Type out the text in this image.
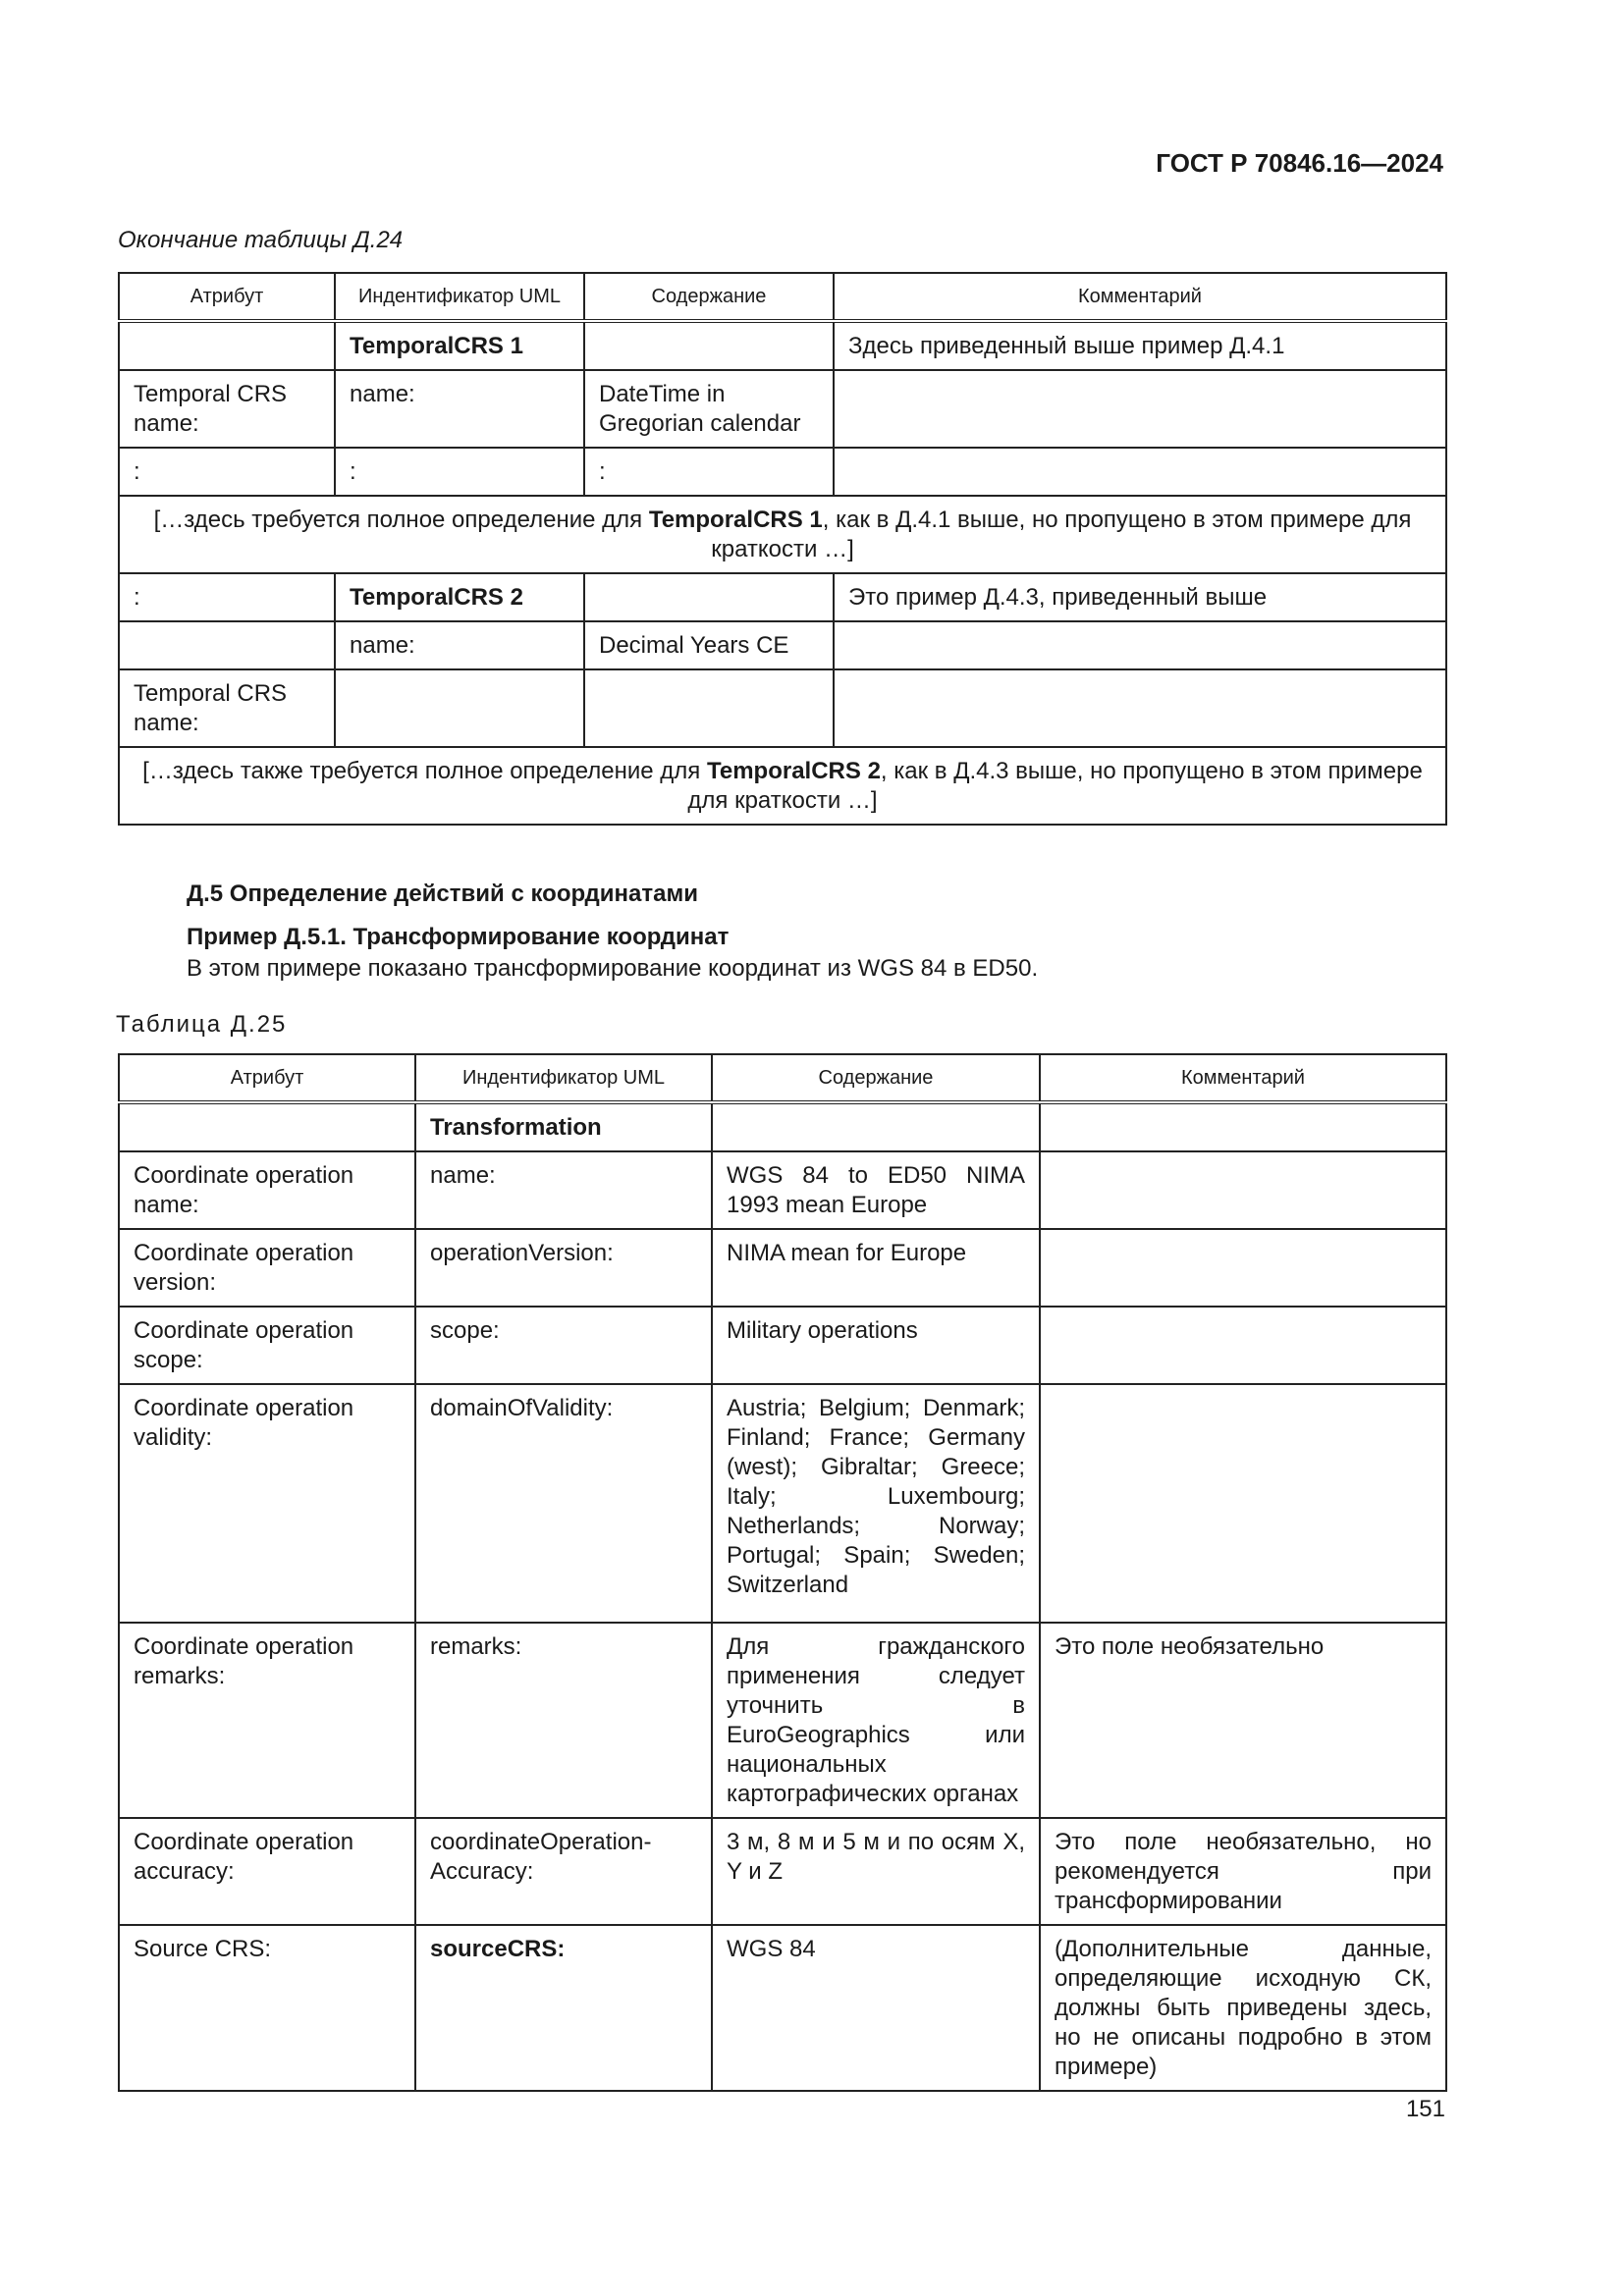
ГОСТ Р 70846.16—2024
Окончание таблицы Д.24
Атрибут	Индентификатор UML	Содержание	Комментарий
	TemporalCRS 1		Здесь приведенный выше пример Д.4.1
Temporal CRS name:	name:	DateTime in Gregorian calendar	
:	:	:	
[…здесь требуется полное определение для TemporalCRS 1, как в Д.4.1 выше, но пропущено в этом примере для краткости …]			
:	TemporalCRS 2		Это пример Д.4.3, приведенный выше
	name:	Decimal Years CE	
Temporal CRS name:			
[…здесь также требуется полное определение для TemporalCRS 2, как в Д.4.3 выше, но пропущено в этом примере для краткости …]			
Д.5 Определение действий с координатами
Пример Д.5.1. Трансформирование координат
В этом примере показано трансформирование координат из WGS 84 в ED50.
Таблица Д.25
Атрибут	Индентификатор UML	Содержание	Комментарий
	Transformation		
Coordinate operation name:	name:	WGS 84 to ED50 NIMA 1993 mean Europe	
Coordinate operation version:	operationVersion:	NIMA mean for Europe	
Coordinate operation scope:	scope:	Military operations	
Coordinate operation validity:	domainOfValidity:	Austria; Belgium; Denmark; Finland; France; Germany (west); Gibraltar; Greece; Italy; Luxembourg; Netherlands; Norway; Portugal; Spain; Sweden; Switzerland	
Coordinate operation remarks:	remarks:	Для гражданского применения следует уточнить в EuroGeographics или национальных картографических органах	Это поле необязательно
Coordinate operation accuracy:	coordinateOperation-Accuracy:	3 м, 8 м и 5 м и по осям X, Y и Z	Это поле необязательно, но рекомендуется при трансформировании
Source CRS:	sourceCRS:	WGS 84	(Дополнительные данные, определяющие исходную СК, должны быть приведены здесь, но не описаны подробно в этом примере)
151
